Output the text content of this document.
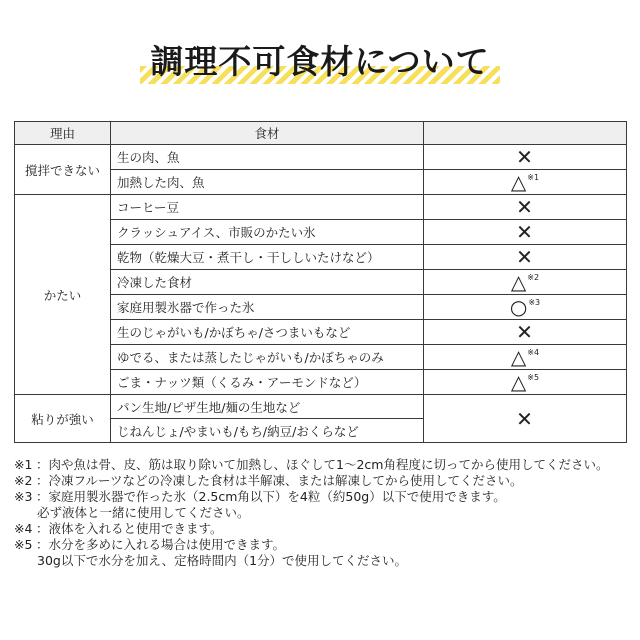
調理不可食材について
理由	食材	
撹拌できない	生の肉、魚	✕
	加熱した肉、魚	△$^{※1}$
かたい	コーヒー豆	✕
	クラッシュアイス、市販のかたい氷	✕
	乾物（乾燥大豆・煮干し・干ししいたけなど）	✕
	冷凍した食材	△$^{※2}$
	家庭用製氷器で作った氷	○$^{※3}$
	生のじゃがいも/かぼちゃ/さつまいもなど	✕
	ゆでる、または蒸したじゃがいも/かぼちゃのみ	△$^{※4}$
	ごま・ナッツ類（くるみ・アーモンドなど）	△$^{※5}$
粘りが強い	パン生地/ピザ生地/麺の生地など	✕
	じねんじょ/やまいも/もち/納豆/おくらなど	
※1 ：肉や魚は骨、皮、筋は取り除いて加熱し、ほぐして1〜2cm角程度に切ってから使用してください。
※2 ：冷凍フルーツなどの冷凍した食材は半解凍、または解凍してから使用してください。
※3 ：家庭用製氷器で作った氷（2.5cm角以下）を4粒（約50g）以下で使用できます。
必ず液体と一緒に使用してください。
※4 ：液体を入れると使用できます。
※5 ：水分を多めに入れる場合は使用できます。
30g以下で水分を加え、定格時間内（1分）で使用してください。
